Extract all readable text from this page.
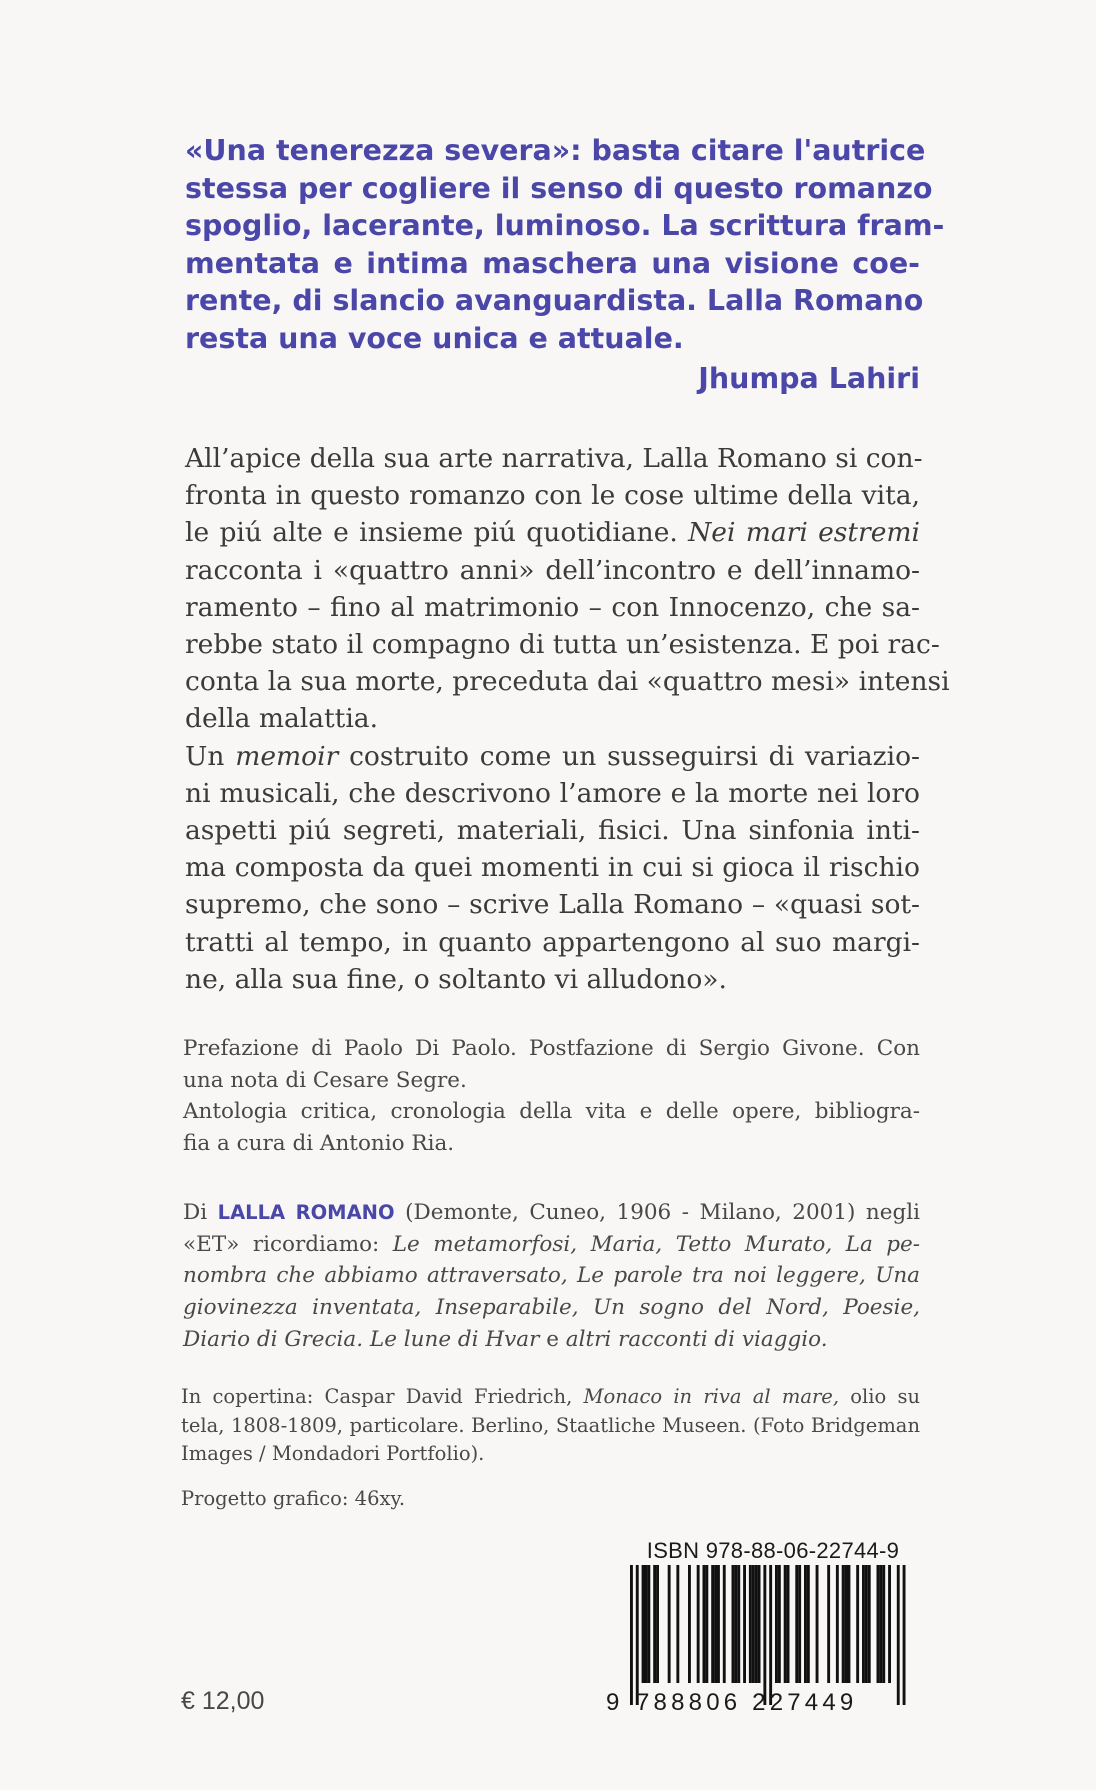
«Una tenerezza severa»: basta citare l'autrice
stessa per cogliere il senso di questo romanzo
spoglio, lacerante, luminoso. La scrittura fram-
mentata e intima maschera una visione coe-
rente, di slancio avanguardista. Lalla Romano
resta una voce unica e attuale.
Jhumpa Lahiri
All’apice della sua arte narrativa, Lalla Romano si con-
fronta in questo romanzo con le cose ultime della vita,
le piú alte e insieme piú quotidiane. Nei mari estremi
racconta i «quattro anni» dell’incontro e dell’innamo-
ramento – fino al matrimonio – con Innocenzo, che sa-
rebbe stato il compagno di tutta un’esistenza. E poi rac-
conta la sua morte, preceduta dai «quattro mesi» intensi
della malattia.
Un memoir costruito come un susseguirsi di variazio-
ni musicali, che descrivono l’amore e la morte nei loro
aspetti piú segreti, materiali, fisici. Una sinfonia inti-
ma composta da quei momenti in cui si gioca il rischio
supremo, che sono – scrive Lalla Romano – «quasi sot-
tratti al tempo, in quanto appartengono al suo margi-
ne, alla sua fine, o soltanto vi alludono».
Prefazione di Paolo Di Paolo. Postfazione di Sergio Givone. Con
una nota di Cesare Segre.
Antologia critica, cronologia della vita e delle opere, bibliogra-
fia a cura di Antonio Ria.
Di LALLA ROMANO (Demonte, Cuneo, 1906 - Milano, 2001) negli
«ET» ricordiamo: Le metamorfosi, Maria, Tetto Murato, La pe-
nombra che abbiamo attraversato, Le parole tra noi leggere, Una
giovinezza inventata, Inseparabile, Un sogno del Nord, Poesie,
Diario di Grecia. Le lune di Hvar e altri racconti di viaggio.
In copertina: Caspar David Friedrich, Monaco in riva al mare, olio su
tela, 1808-1809, particolare. Berlino, Staatliche Museen. (Foto Bridgeman
Images / Mondadori Portfolio).
Progetto grafico: 46xy.
ISBN 978-88-06-22744-9
9 788806 227449
€ 12,00
